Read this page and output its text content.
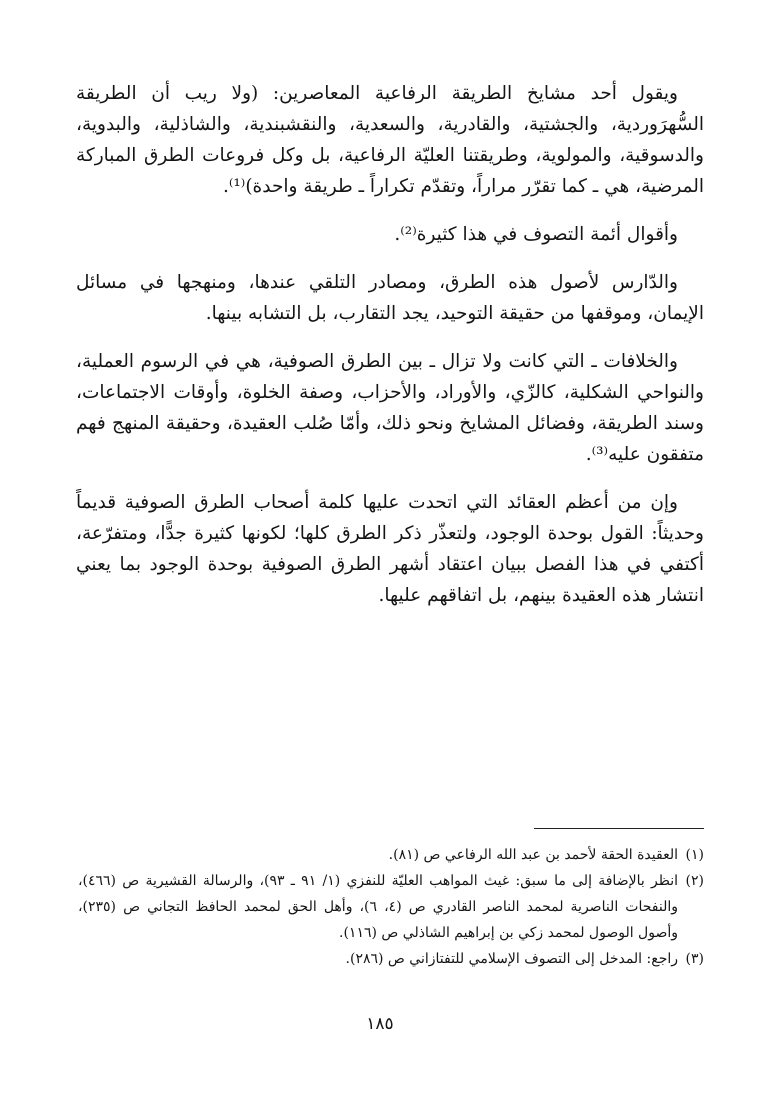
ويقول أحد مشايخ الطريقة الرفاعية المعاصرين: (ولا ريب أن الطريقة السُّهرَوردية، والجشتية، والقادرية، والسعدية، والنقشبندية، والشاذلية، والبدوية، والدسوقية، والمولوية، وطريقتنا العليّة الرفاعية، بل وكل فروعات الطرق المباركة المرضية، هي ـ كما تقرّر مراراً، وتقدّم تكراراً ـ طريقة واحدة)⁽¹⁾.

وأقوال أئمة التصوف في هذا كثيرة⁽²⁾.

والدّارس لأصول هذه الطرق، ومصادر التلقي عندها، ومنهجها في مسائل الإيمان، وموقفها من حقيقة التوحيد، يجد التقارب، بل التشابه بينها.

والخلافات ـ التي كانت ولا تزال ـ بين الطرق الصوفية، هي في الرسوم العملية، والنواحي الشكلية، كالزّي، والأوراد، والأحزاب، وصفة الخلوة، وأوقات الاجتماعات، وسند الطريقة، وفضائل المشايخ ونحو ذلك، وأمّا صُلب العقيدة، وحقيقة المنهج فهم متفقون عليه⁽³⁾.

وإن من أعظم العقائد التي اتحدت عليها كلمة أصحاب الطرق الصوفية قديماً وحديثاً: القول بوحدة الوجود، ولتعذّر ذكر الطرق كلها؛ لكونها كثيرة جدًّا، ومتفرّعة، أكتفي في هذا الفصل ببيان اعتقاد أشهر الطرق الصوفية بوحدة الوجود بما يعني انتشار هذه العقيدة بينهم، بل اتفاقهم عليها.

(١)
العقيدة الحقة لأحمد بن عبد الله الرفاعي ص (٨١).
(٢)
انظر بالإضافة إلى ما سبق: غيث المواهب العليّة للنفزي (١/ ٩١ ـ ٩٣)، والرسالة القشيرية ص (٤٦٦)، والنفحات الناصرية لمحمد الناصر القادري ص (٤، ٦)، وأهل الحق لمحمد الحافظ التجاني ص (٢٣٥)، وأصول الوصول لمحمد زكي بن إبراهيم الشاذلي ص (١١٦).
(٣)
راجع: المدخل إلى التصوف الإسلامي للتفتازاني ص (٢٨٦).
١٨٥
